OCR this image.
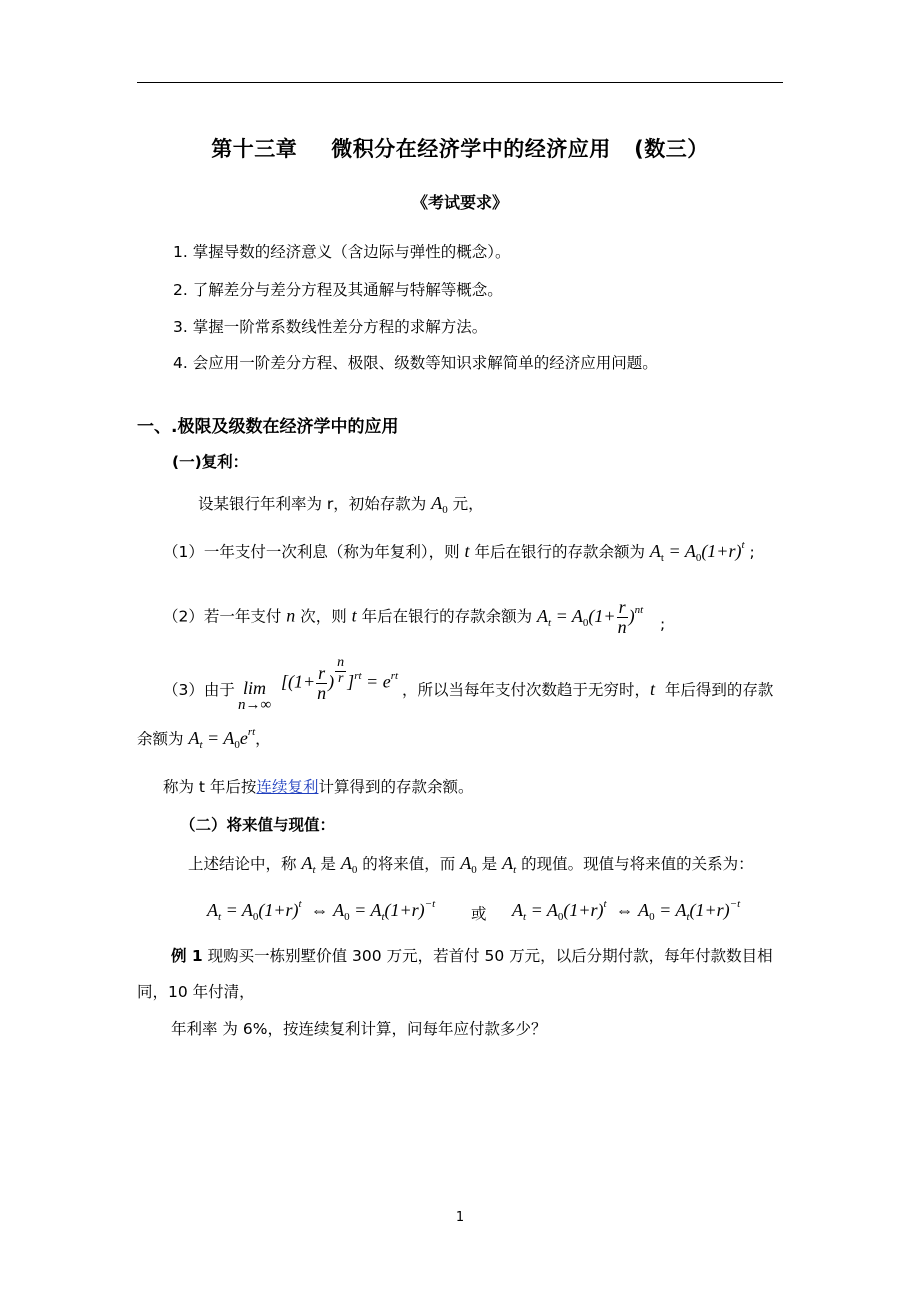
第十三章 微积分在经济学中的经济应用 (数三）
《考试要求》
1. 掌握导数的经济意义（含边际与弹性的概念）。
2. 了解差分与差分方程及其通解与特解等概念。
3. 掌握一阶常系数线性差分方程的求解方法。
4. 会应用一阶差分方程、极限、级数等知识求解简单的经济应用问题。
一、.极限及级数在经济学中的应用
(一)复利：
设某银行年利率为 r，初始存款为 $A_0$ 元，
（1）一年支付一次利息（称为年复利），则 t 年后在银行的存款余额为 $A_t = A_0(1+r)^t$ ;
（2）若一年支付 n 次，则 t 年后在银行的存款余额为 $A_t = A_0(1+ \frac{r}{n} )^{nt}$
;
（3）由于 lim
n→∞
[($1+ \frac{r}{n}$ ) $\frac{n}{r} ]^{rt} = e^{rt}$
，所以当每年支付次数趋于无穷时，t  年后得到的存款
余额为 $A_t = A_0e^{rt}$，
称为 t 年后按连续复利计算得到的存款余额。
（二）将来值与现值：
上述结论中，称 $A_t$ 是 $A_0$ 的将来值，而 $A_0$ 是 $A_t$ 的现值。现值与将来值的关系为：
$A_t = A_0(1+r)^t$ ⇔ $A_0 = A_t(1+r)^{-t}$
或 $A_t = A_0(1+r)^t$ ⇔ $A_0 = A_t(1+r)^{-t}$
例 1 现购买一栋别墅价值 300 万元，若首付 50 万元，以后分期付款，每年付款数目相
同，10 年付清，
年利率 为 6%，按连续复利计算，问每年应付款多少？
1
